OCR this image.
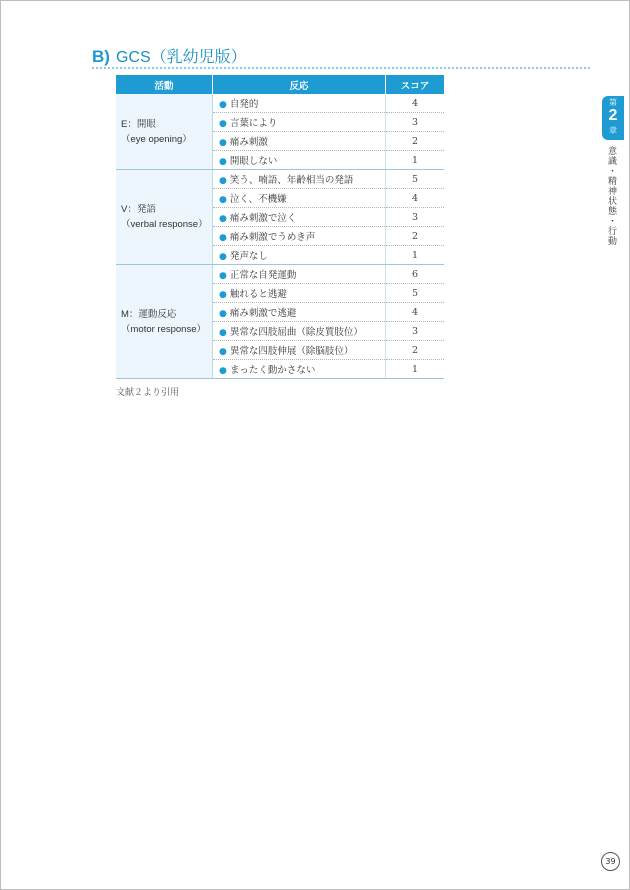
B) GCS（乳幼児版）
活動	反応	スコア

E：開眼
（eye opening）	● 自発的	4
	● 言葉により	3
	● 痛み刺激	2
	● 開眼しない	1

V：発語
（verbal response）	● 笑う、喃語、年齢相当の発語	5
	● 泣く、不機嫌	4
	● 痛み刺激で泣く	3
	● 痛み刺激でうめき声	2
	● 発声なし	1

M：運動反応
（motor response）	● 正常な自発運動	6
	● 触れると逃避	5
	● 痛み刺激で逃避	4
	● 異常な四肢屈曲（除皮質肢位）	3
	● 異常な四肢伸展（除脳肢位）	2
	● まったく動かさない	1
文献２より引用
第
2
章
意識・精神状態・行動
39
